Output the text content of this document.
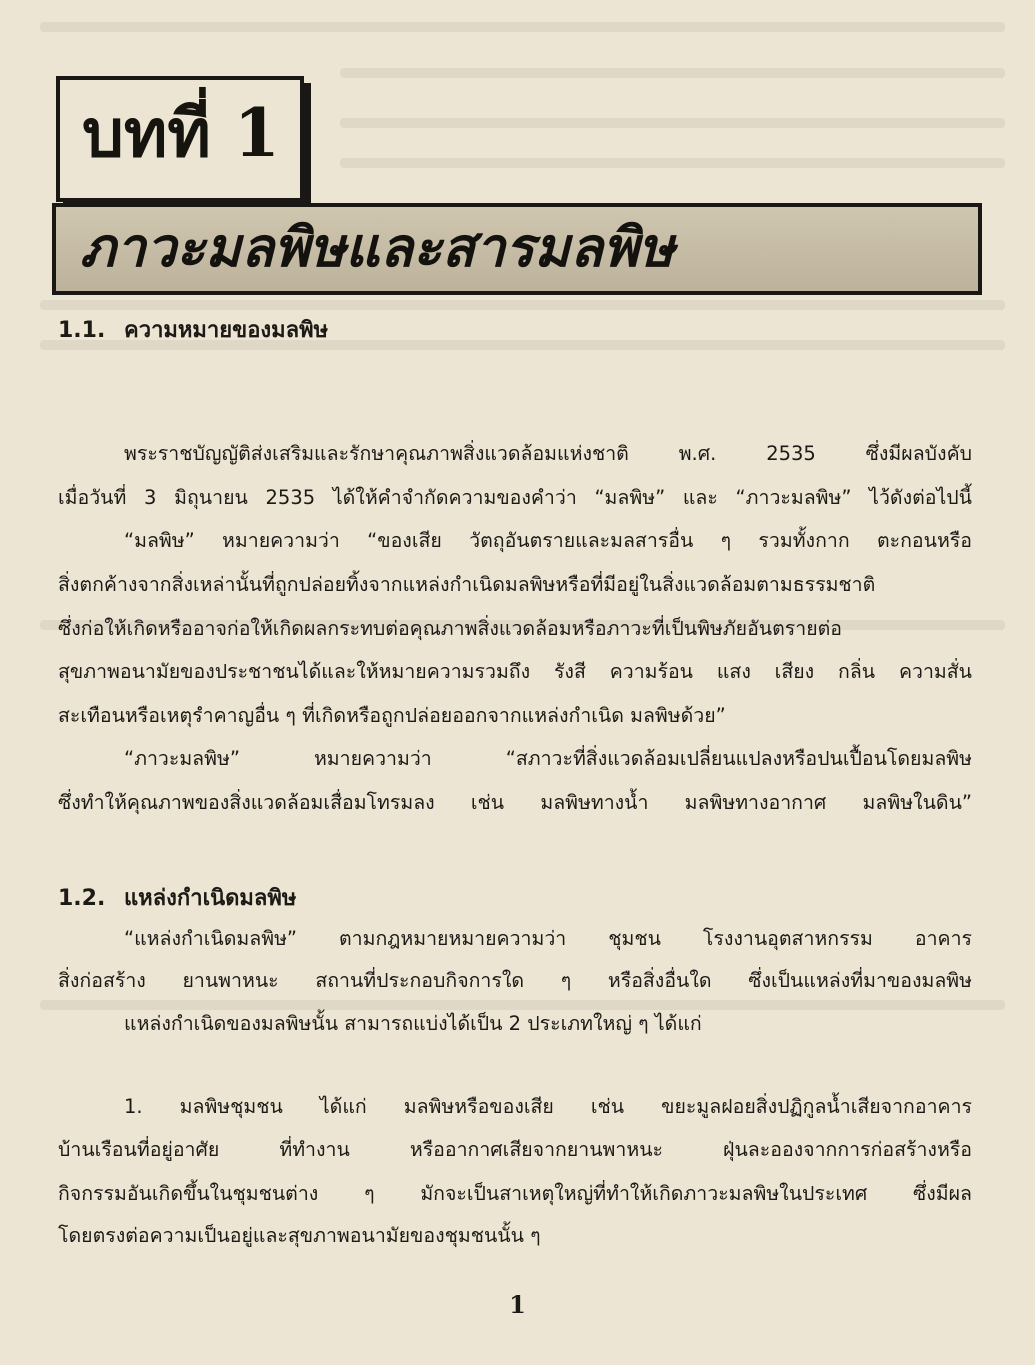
บทที่ 1
ภาวะมลพิษและสารมลพิษ
1.1. ความหมายของมลพิษ
พระราชบัญญัติส่งเสริมและรักษาคุณภาพสิ่งแวดล้อมแห่งชาติ พ.ศ. 2535 ซึ่งมีผลบังคับ
เมื่อวันที่ 3 มิถุนายน 2535 ได้ให้คำจำกัดความของคำว่า “มลพิษ” และ “ภาวะมลพิษ” ไว้ดังต่อไปนี้
“มลพิษ” หมายความว่า “ของเสีย วัตถุอันตรายและมลสารอื่น ๆ รวมทั้งกาก ตะกอนหรือ
สิ่งตกค้างจากสิ่งเหล่านั้นที่ถูกปล่อยทิ้งจากแหล่งกำเนิดมลพิษหรือที่มีอยู่ในสิ่งแวดล้อมตามธรรมชาติ
ซึ่งก่อให้เกิดหรืออาจก่อให้เกิดผลกระทบต่อคุณภาพสิ่งแวดล้อมหรือภาวะที่เป็นพิษภัยอันตรายต่อ
สุขภาพอนามัยของประชาชนได้และให้หมายความรวมถึง รังสี ความร้อน แสง เสียง กลิ่น ความสั่น
สะเทือนหรือเหตุรำคาญอื่น ๆ ที่เกิดหรือถูกปล่อยออกจากแหล่งกำเนิด มลพิษด้วย”
“ภาวะมลพิษ” หมายความว่า “สภาวะที่สิ่งแวดล้อมเปลี่ยนแปลงหรือปนเปื้อนโดยมลพิษ
ซึ่งทำให้คุณภาพของสิ่งแวดล้อมเสื่อมโทรมลง เช่น มลพิษทางน้ำ มลพิษทางอากาศ มลพิษในดิน”
1.2. แหล่งกำเนิดมลพิษ
“แหล่งกำเนิดมลพิษ” ตามกฎหมายหมายความว่า ชุมชน โรงงานอุตสาหกรรม อาคาร
สิ่งก่อสร้าง ยานพาหนะ สถานที่ประกอบกิจการใด ๆ หรือสิ่งอื่นใด ซึ่งเป็นแหล่งที่มาของมลพิษ
แหล่งกำเนิดของมลพิษนั้น สามารถแบ่งได้เป็น 2 ประเภทใหญ่ ๆ ได้แก่
1. มลพิษชุมชน ได้แก่ มลพิษหรือของเสีย เช่น ขยะมูลฝอยสิ่งปฏิกูลน้ำเสียจากอาคาร
บ้านเรือนที่อยู่อาศัย ที่ทำงาน หรืออากาศเสียจากยานพาหนะ ฝุ่นละอองจากการก่อสร้างหรือ
กิจกรรมอันเกิดขึ้นในชุมชนต่าง ๆ มักจะเป็นสาเหตุใหญ่ที่ทำให้เกิดภาวะมลพิษในประเทศ ซึ่งมีผล
โดยตรงต่อความเป็นอยู่และสุขภาพอนามัยของชุมชนนั้น ๆ
1
